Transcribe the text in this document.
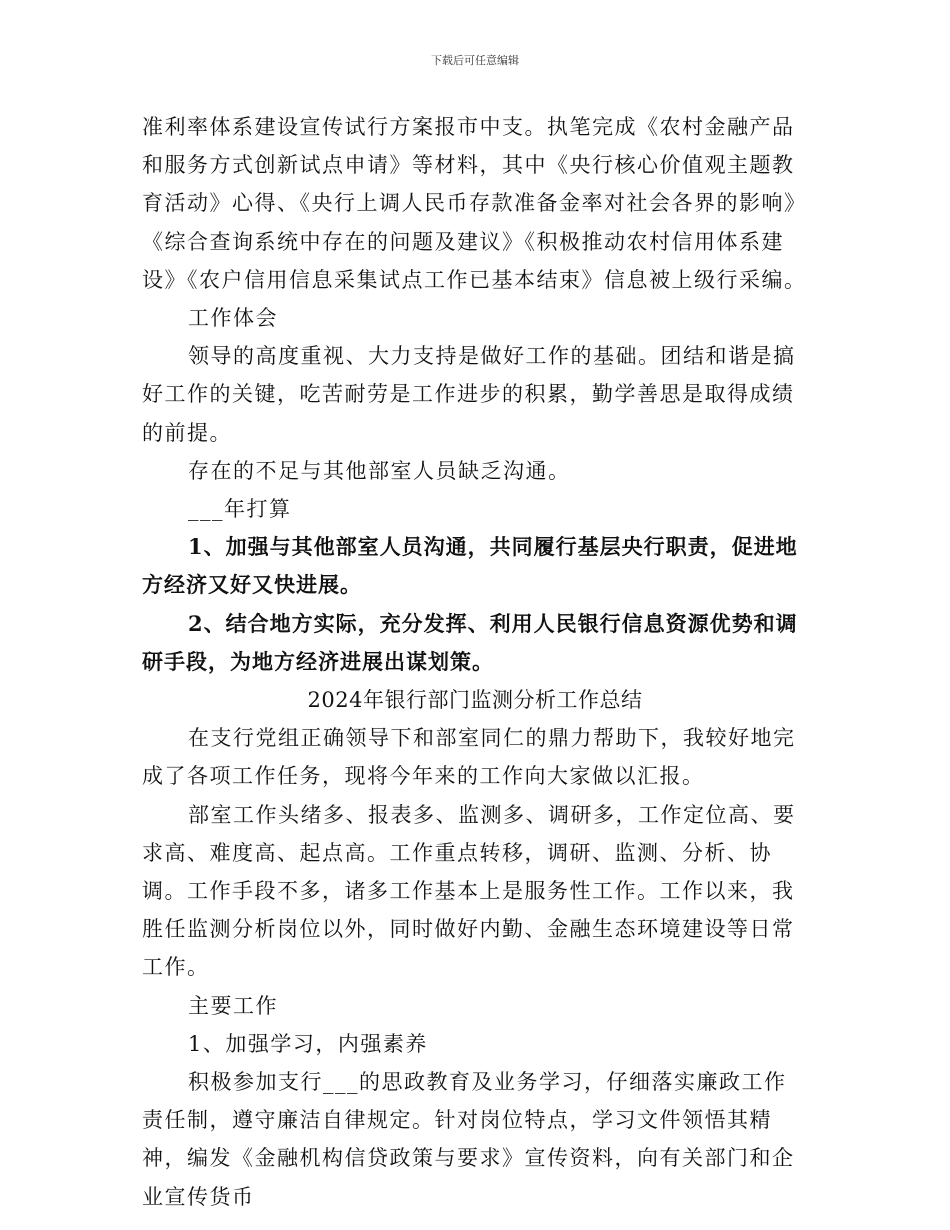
下载后可任意编辑

准利率体系建设宣传试行方案报市中支。执笔完成《农村金融产品和服务方式创新试点申请》等材料，其中《央行核心价值观主题教育活动》心得、《央行上调人民币存款准备金率对社会各界的影响》《综合查询系统中存在的问题及建议》《积极推动农村信用体系建设》《农户信用信息采集试点工作已基本结束》信息被上级行采编。

工作体会

领导的高度重视、大力支持是做好工作的基础。团结和谐是搞好工作的关键，吃苦耐劳是工作进步的积累，勤学善思是取得成绩的前提。

存在的不足与其他部室人员缺乏沟通。

___年打算

1、加强与其他部室人员沟通，共同履行基层央行职责，促进地方经济又好又快进展。

2、结合地方实际，充分发挥、利用人民银行信息资源优势和调研手段，为地方经济进展出谋划策。

2024年银行部门监测分析工作总结

在支行党组正确领导下和部室同仁的鼎力帮助下，我较好地完成了各项工作任务，现将今年来的工作向大家做以汇报。

部室工作头绪多、报表多、监测多、调研多，工作定位高、要求高、难度高、起点高。工作重点转移，调研、监测、分析、协调。工作手段不多，诸多工作基本上是服务性工作。工作以来，我胜任监测分析岗位以外，同时做好内勤、金融生态环境建设等日常工作。

主要工作

1、加强学习，内强素养

积极参加支行___的思政教育及业务学习，仔细落实廉政工作责任制，遵守廉洁自律规定。针对岗位特点，学习文件领悟其精神，编发《金融机构信贷政策与要求》宣传资料，向有关部门和企业宣传货币
